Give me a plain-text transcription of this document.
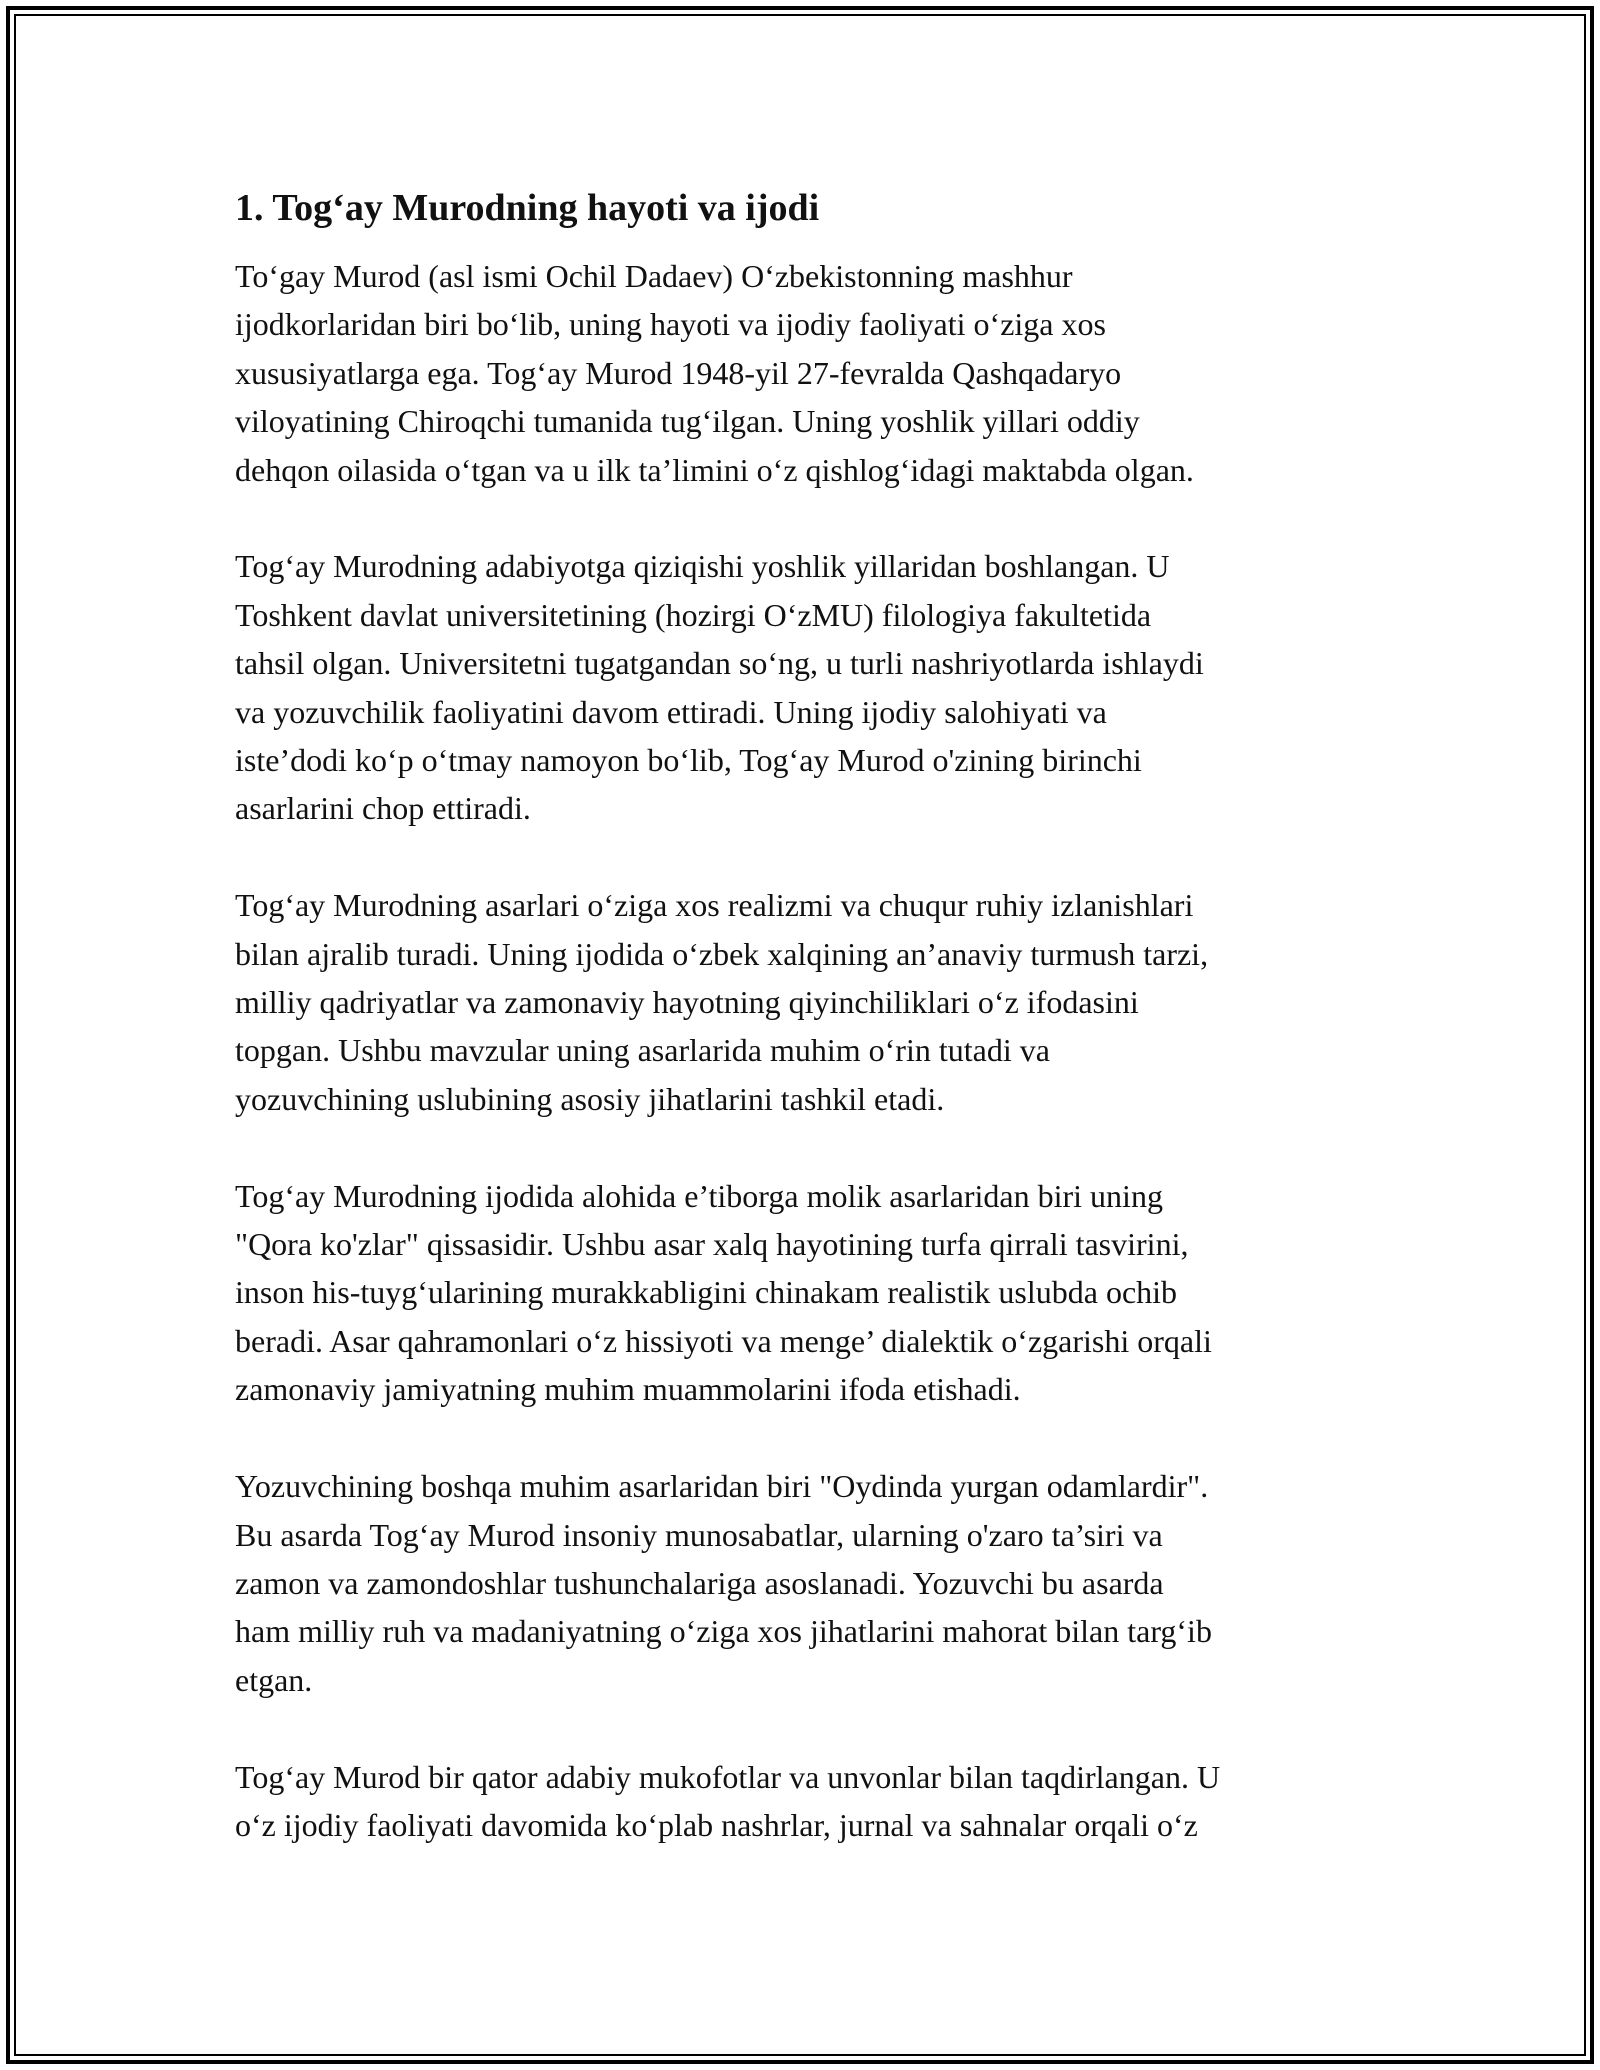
1. Tog‘ay Murodning hayoti va ijodi
To‘gay Murod (asl ismi Ochil Dadaev) O‘zbekistonning mashhur
ijodkorlaridan biri bo‘lib, uning hayoti va ijodiy faoliyati o‘ziga xos
xususiyatlarga ega. Tog‘ay Murod 1948-yil 27-fevralda Qashqadaryo
viloyatining Chiroqchi tumanida tug‘ilgan. Uning yoshlik yillari oddiy
dehqon oilasida o‘tgan va u ilk ta’limini o‘z qishlog‘idagi maktabda olgan.
Tog‘ay Murodning adabiyotga qiziqishi yoshlik yillaridan boshlangan. U
Toshkent davlat universitetining (hozirgi O‘zMU) filologiya fakultetida
tahsil olgan. Universitetni tugatgandan so‘ng, u turli nashriyotlarda ishlaydi
va yozuvchilik faoliyatini davom ettiradi. Uning ijodiy salohiyati va
iste’dodi ko‘p o‘tmay namoyon bo‘lib, Tog‘ay Murod o'zining birinchi
asarlarini chop ettiradi.
Tog‘ay Murodning asarlari o‘ziga xos realizmi va chuqur ruhiy izlanishlari
bilan ajralib turadi. Uning ijodida o‘zbek xalqining an’anaviy turmush tarzi,
milliy qadriyatlar va zamonaviy hayotning qiyinchiliklari o‘z ifodasini
topgan. Ushbu mavzular uning asarlarida muhim o‘rin tutadi va
yozuvchining uslubining asosiy jihatlarini tashkil etadi.
Tog‘ay Murodning ijodida alohida e’tiborga molik asarlaridan biri uning
"Qora ko'zlar" qissasidir. Ushbu asar xalq hayotining turfa qirrali tasvirini,
inson his-tuyg‘ularining murakkabligini chinakam realistik uslubda ochib
beradi. Asar qahramonlari o‘z hissiyoti va menge’ dialektik o‘zgarishi orqali
zamonaviy jamiyatning muhim muammolarini ifoda etishadi.
Yozuvchining boshqa muhim asarlaridan biri "Oydinda yurgan odamlardir".
Bu asarda Tog‘ay Murod insoniy munosabatlar, ularning o'zaro ta’siri va
zamon va zamondoshlar tushunchalariga asoslanadi. Yozuvchi bu asarda
ham milliy ruh va madaniyatning o‘ziga xos jihatlarini mahorat bilan targ‘ib
etgan.
Tog‘ay Murod bir qator adabiy mukofotlar va unvonlar bilan taqdirlangan. U
o‘z ijodiy faoliyati davomida ko‘plab nashrlar, jurnal va sahnalar orqali o‘z
